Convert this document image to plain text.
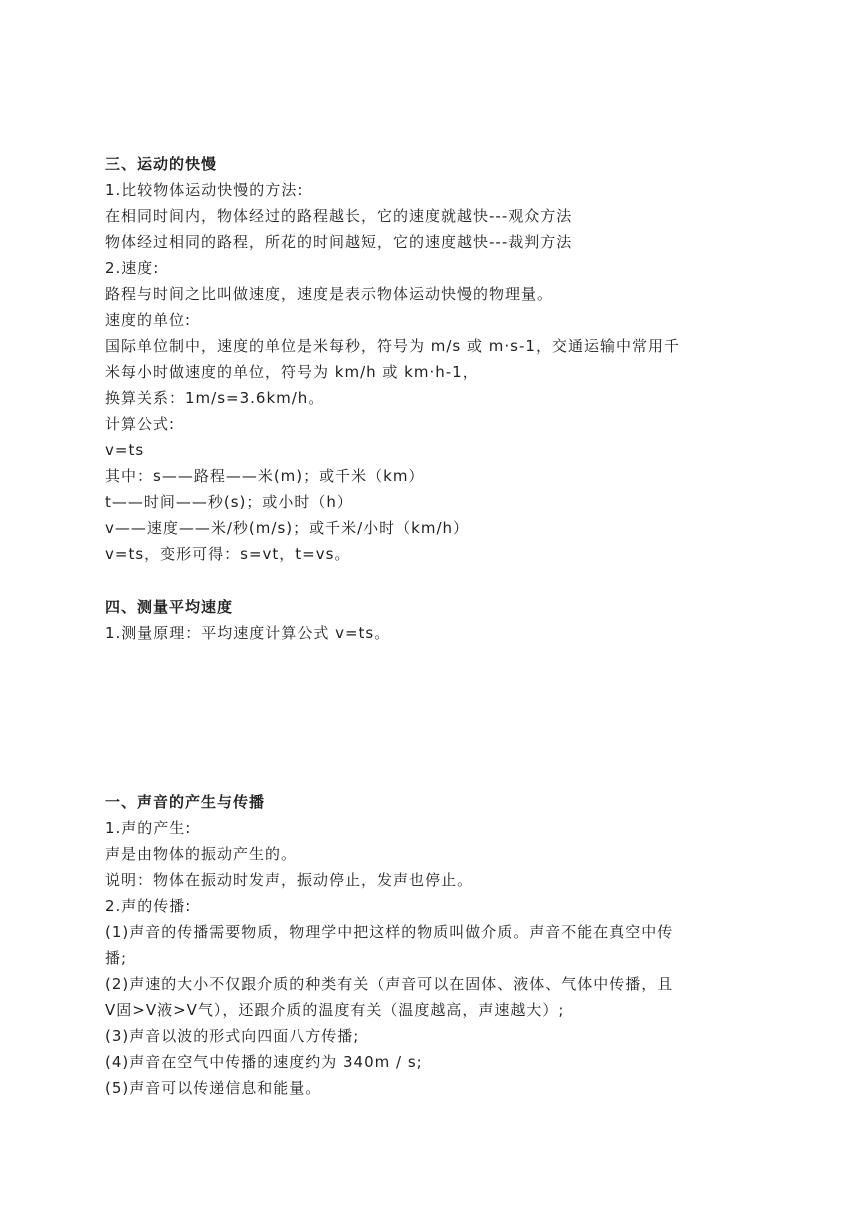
三、运动的快慢
1.比较物体运动快慢的方法:
在相同时间内，物体经过的路程越长，它的速度就越快---观众方法
物体经过相同的路程，所花的时间越短，它的速度越快---裁判方法
2.速度:
路程与时间之比叫做速度，速度是表示物体运动快慢的物理量。
速度的单位:
国际单位制中，速度的单位是米每秒，符号为 m/s 或 m·s-1，交通运输中常用千
米每小时做速度的单位，符号为 km/h 或 km·h-1，
换算关系：1m/s=3.6km/h。
计算公式:
v=ts
其中：s——路程——米(m)；或千米（km）
t——时间——秒(s)；或小时（h）
v——速度——米/秒(m/s)；或千米/小时（km/h）
v=ts，变形可得：s=vt，t=vs。
四、测量平均速度
1.测量原理：平均速度计算公式 v=ts。
一、声音的产生与传播
1.声的产生:
声是由物体的振动产生的。
说明：物体在振动时发声，振动停止，发声也停止。
2.声的传播:
(1)声音的传播需要物质，物理学中把这样的物质叫做介质。声音不能在真空中传
播;
(2)声速的大小不仅跟介质的种类有关（声音可以在固体、液体、气体中传播，且
V固>V液>V气），还跟介质的温度有关（温度越高，声速越大）;
(3)声音以波的形式向四面八方传播;
(4)声音在空气中传播的速度约为 340m / s;
(5)声音可以传递信息和能量。
